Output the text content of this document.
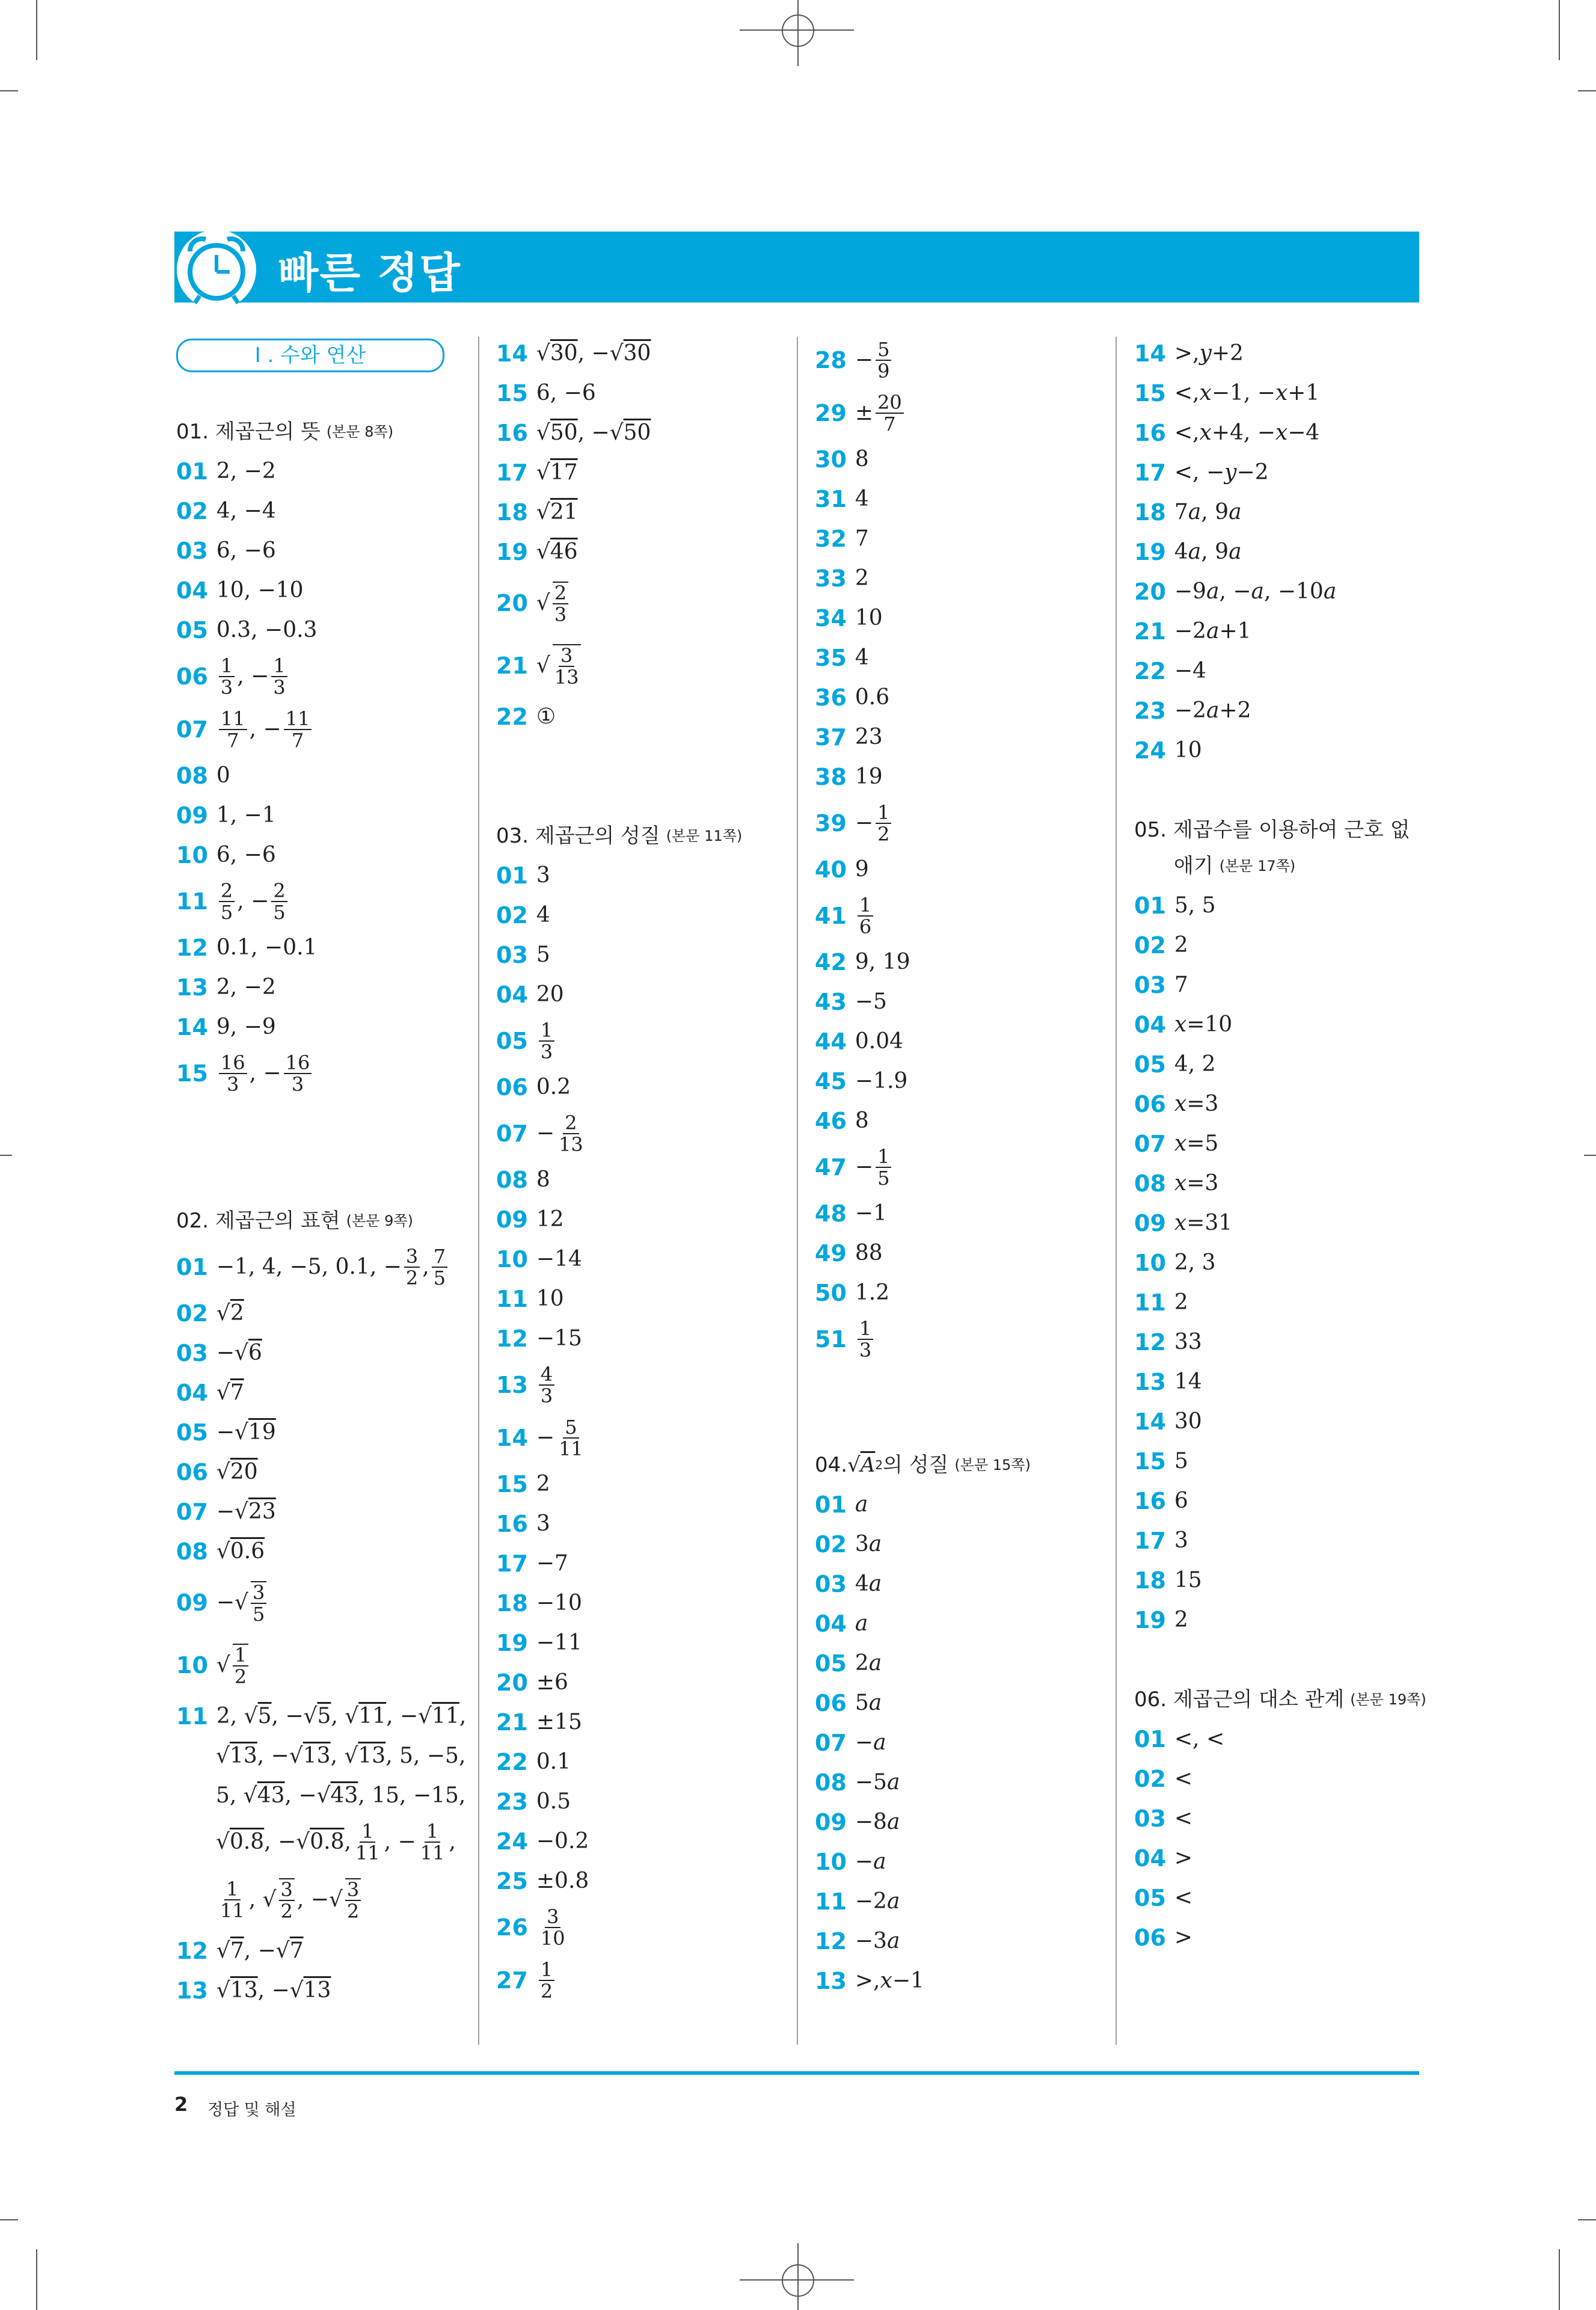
빠른 정답
I . 수와 연산
01. 제곱근의 뜻 (본문 8쪽)
01 2, −2
02 4, −4
03 6, −6
04 10, −10
05 0.3, −0.3
$06 \frac{1}{3}$ , − $\frac{1}{3}$
$07 \frac{11}{7}$ , − $\frac{11}{7}$
08 0
09 1, −1
10 6, −6
$11 \frac{2}{5}$ , − $\frac{2}{5}$
12 0.1, −0.1
13 2, −2
14 9, −9
$15 \frac{16}{3}$ , − $\frac{16}{3}$
02. 제곱근의 표현 (본문 9쪽)
01 −1, 4, −5, 0.1, − $\frac{3}{2}$ , $\frac{7}{5}$
02 √ 2
03 −√ 6
04 √ 7
05 −√ 19
06 √ 20
07 −√ 23
08 √ 0.6
09 −√ $\frac{3}{5}$
10 √ $\frac{1}{2}$
11 2, √ 5 , −√ 5 , √ 11 , −√ 11 ,
√ 13 , −√ 13 , √ 13 , 5, −5,
5, √ 43 , −√ 43 , 15, −15,
√ 0.8 , −√ 0.8 , $\frac{1}{11}$ , − $\frac{1}{11}$ ,
$\frac{1}{11}$ , √ $\frac{3}{2}$ , −√ $\frac{3}{2}$
12 √ 7 , −√ 7
13 √ 13 , −√ 13
14 √ 30 , −√ 30
15 6, −6
16 √ 50 , −√ 50
17 √ 17
18 √ 21
19 √ 46
20 √ $\frac{2}{3}$
21 √ $\frac{3}{13}$
22 ①
03. 제곱근의 성질 (본문 11쪽)
01 3
02 4
03 5
04 20
$05 \frac{1}{3}$
06 0.2
$07 - \frac{2}{13}$
08 8
09 12
10 −14
11 10
12 −15
$13 \frac{4}{3}$
$14 - \frac{5}{11}$
15 2
16 3
17 −7
18 −10
19 −11
20 ±6
21 ±15
22 0.1
23 0.5
24 −0.2
25 ±0.8
$26 \frac{3}{10}$
$27 \frac{1}{2}$
$28 - \frac{5}{9}$
$29 \pm \frac{20}{7}$
30 8
31 4
32 7
33 2
34 10
35 4
36 0.6
37 23
38 19
$39 - \frac{1}{2}$
40 9
$41 \frac{1}{6}$
42 9, 19
43 −5
44 0.04
45 −1.9
46 8
$47 - \frac{1}{5}$
48 −1
49 88
50 1.2
$51 \frac{1}{3}$
04. √ A 2 의 성질 (본문 15쪽)
01 a
02 3 a
03 4 a
04 a
05 2 a
06 5 a
07 − a
08 −5 a
09 −8 a
10 − a
11 −2 a
12 −3 a
13 >, x −1
14 >, y +2
15 <, x −1, − x +1
16 <, x +4, − x −4
17 <, − y −2
18 7 a , 9 a
19 4 a , 9 a
20 −9 a , − a , −10 a
21 −2 a +1
22 −4
23 −2 a +2
24 10
05. 제곱수를 이용하여 근호 없
애기 (본문 17쪽)
01 5, 5
02 2
03 7
04 x =10
05 4, 2
06 x =3
07 x =5
08 x =3
09 x =31
10 2, 3
11 2
12 33
13 14
14 30
15 5
16 6
17 3
18 15
19 2
06. 제곱근의 대소 관계 (본문 19쪽)
01 <, <
02 <
03 <
04 >
05 <
06 >
2 정답 및 해설
